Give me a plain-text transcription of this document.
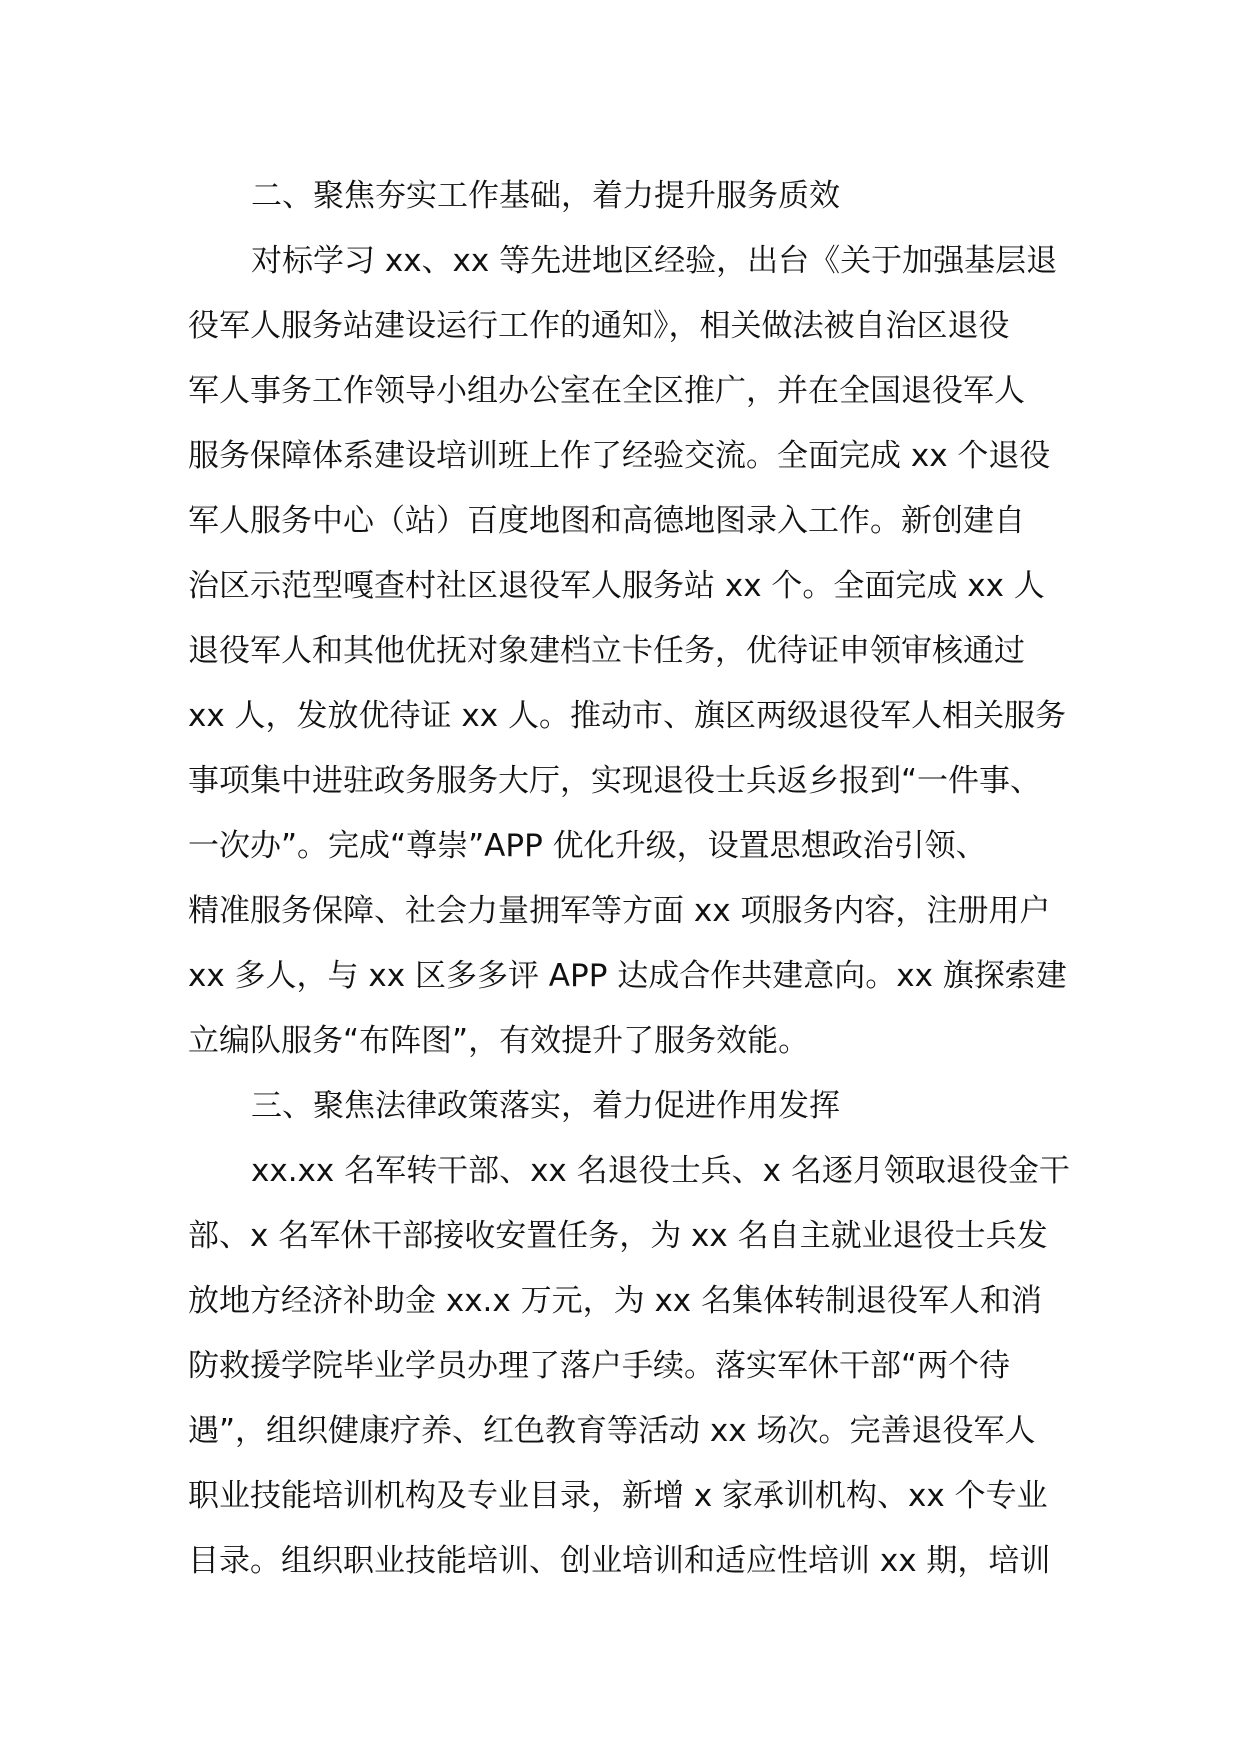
二、聚焦夯实工作基础，着力提升服务质效
对标学习 xx、xx 等先进地区经验，出台《关于加强基层退
役军人服务站建设运行工作的通知》，相关做法被自治区退役
军人事务工作领导小组办公室在全区推广，并在全国退役军人
服务保障体系建设培训班上作了经验交流。全面完成 xx 个退役
军人服务中心（站）百度地图和高德地图录入工作。新创建自
治区示范型嘎查村社区退役军人服务站 xx 个。全面完成 xx 人
退役军人和其他优抚对象建档立卡任务，优待证申领审核通过
xx 人，发放优待证 xx 人。推动市、旗区两级退役军人相关服务
事项集中进驻政务服务大厅，实现退役士兵返乡报到“一件事、
一次办”。完成“尊崇”APP 优化升级，设置思想政治引领、
精准服务保障、社会力量拥军等方面 xx 项服务内容，注册用户
xx 多人，与 xx 区多多评 APP 达成合作共建意向。xx 旗探索建
立编队服务“布阵图”，有效提升了服务效能。
三、聚焦法律政策落实，着力促进作用发挥
xx.xx 名军转干部、xx 名退役士兵、x 名逐月领取退役金干
部、x 名军休干部接收安置任务，为 xx 名自主就业退役士兵发
放地方经济补助金 xx.x 万元，为 xx 名集体转制退役军人和消
防救援学院毕业学员办理了落户手续。落实军休干部“两个待
遇”，组织健康疗养、红色教育等活动 xx 场次。完善退役军人
职业技能培训机构及专业目录，新增 x 家承训机构、xx 个专业
目录。组织职业技能培训、创业培训和适应性培训 xx 期，培训
